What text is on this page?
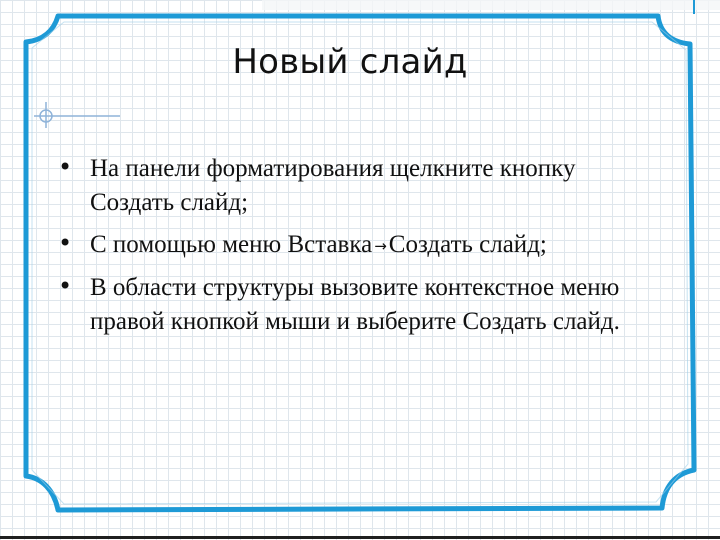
Новый слайд
• На панели форматирования щелкните кнопку Создать слайд;
• С помощью меню Вставка →Создать слайд;
• В области структуры вызовите контекстное меню правой кнопкой мыши и выберите Создать слайд.
